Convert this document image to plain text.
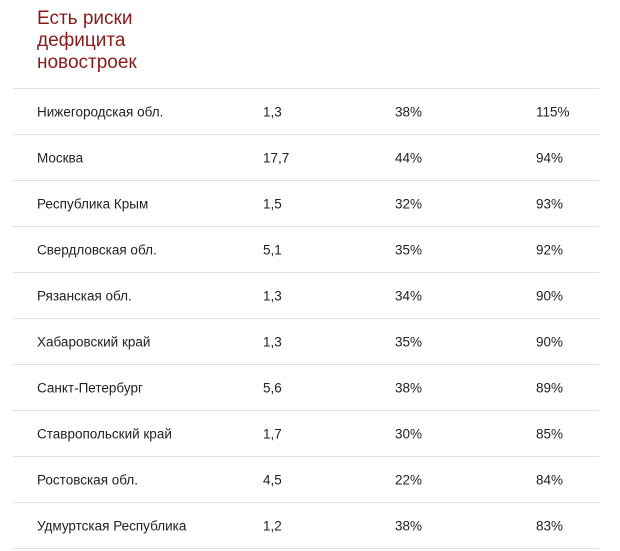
Есть риски
дефицита
новостроек
Нижегородская обл.	1,3	38%	115%
Москва	17,7	44%	94%
Республика Крым	1,5	32%	93%
Свердловская обл.	5,1	35%	92%
Рязанская обл.	1,3	34%	90%
Хабаровский край	1,3	35%	90%
Санкт-Петербург	5,6	38%	89%
Ставропольский край	1,7	30%	85%
Ростовская обл.	4,5	22%	84%
Удмуртская Республика	1,2	38%	83%
